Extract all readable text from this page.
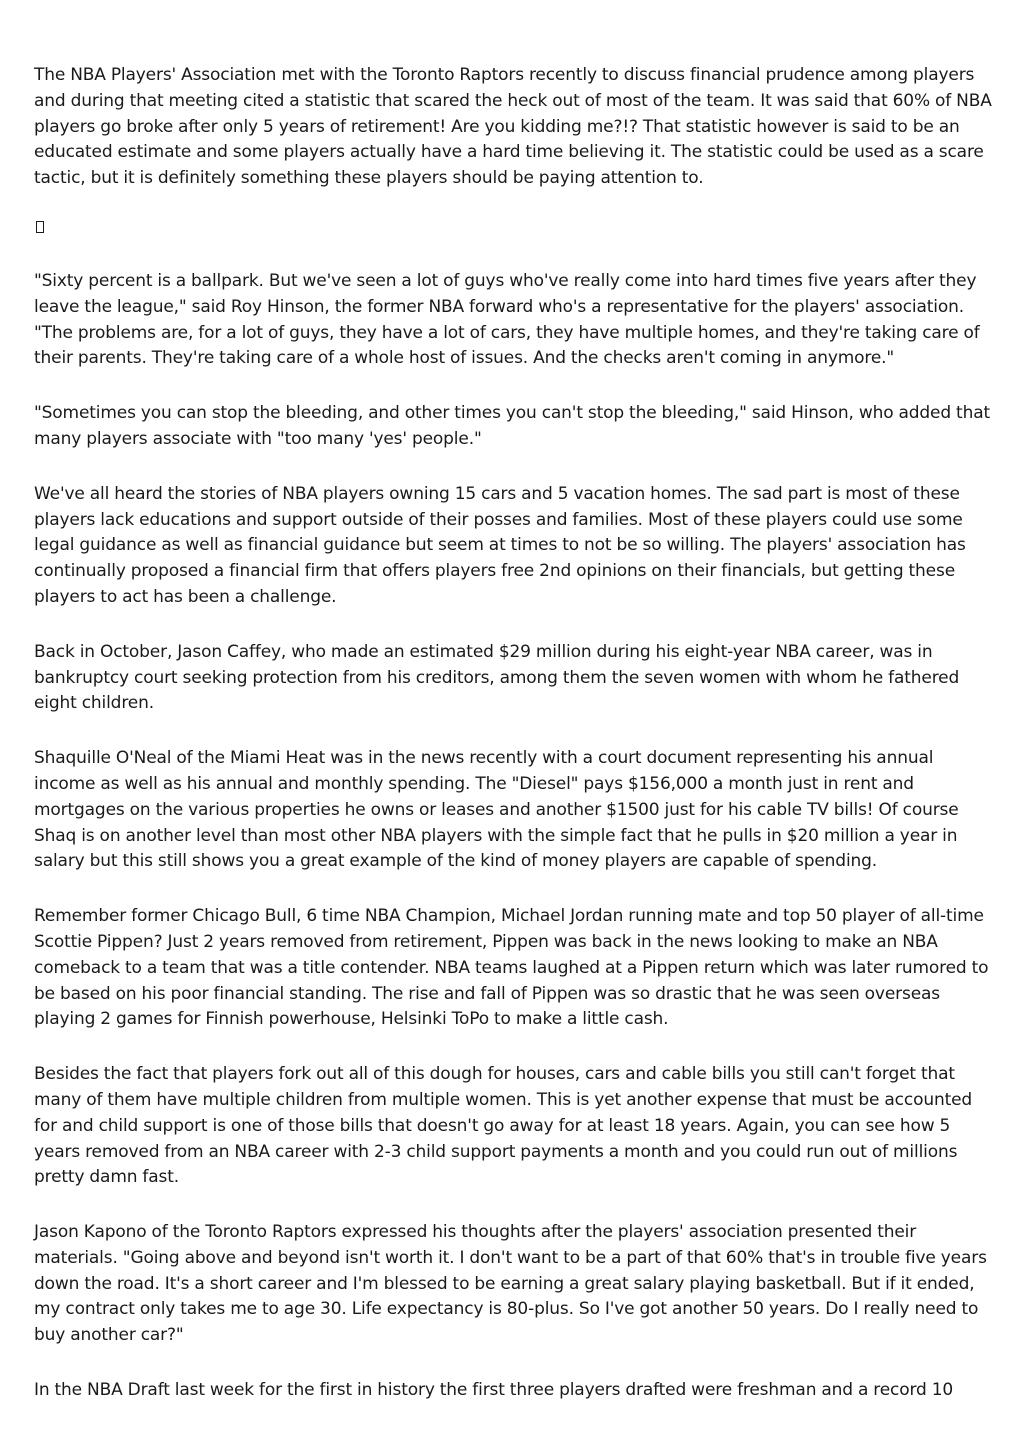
The NBA Players' Association met with the Toronto Raptors recently to discuss financial prudence among players and during that meeting cited a statistic that scared the heck out of most of the team. It was said that 60% of NBA players go broke after only 5 years of retirement! Are you kidding me?!? That statistic however is said to be an educated estimate and some players actually have a hard time believing it. The statistic could be used as a scare tactic, but it is definitely something these players should be paying attention to.

"Sixty percent is a ballpark. But we've seen a lot of guys who've really come into hard times five years after they leave the league," said Roy Hinson, the former NBA forward who's a representative for the players' association. "The problems are, for a lot of guys, they have a lot of cars, they have multiple homes, and they're taking care of their parents. They're taking care of a whole host of issues. And the checks aren't coming in anymore."

"Sometimes you can stop the bleeding, and other times you can't stop the bleeding," said Hinson, who added that many players associate with "too many 'yes' people."

We've all heard the stories of NBA players owning 15 cars and 5 vacation homes. The sad part is most of these players lack educations and support outside of their posses and families. Most of these players could use some legal guidance as well as financial guidance but seem at times to not be so willing. The players' association has continually proposed a financial firm that offers players free 2nd opinions on their financials, but getting these players to act has been a challenge.

Back in October, Jason Caffey, who made an estimated $29 million during his eight-year NBA career, was in bankruptcy court seeking protection from his creditors, among them the seven women with whom he fathered eight children.

Shaquille O'Neal of the Miami Heat was in the news recently with a court document representing his annual income as well as his annual and monthly spending. The "Diesel" pays $156,000 a month just in rent and mortgages on the various properties he owns or leases and another $1500 just for his cable TV bills! Of course Shaq is on another level than most other NBA players with the simple fact that he pulls in $20 million a year in salary but this still shows you a great example of the kind of money players are capable of spending.

Remember former Chicago Bull, 6 time NBA Champion, Michael Jordan running mate and top 50 player of all-time Scottie Pippen? Just 2 years removed from retirement, Pippen was back in the news looking to make an NBA comeback to a team that was a title contender. NBA teams laughed at a Pippen return which was later rumored to be based on his poor financial standing. The rise and fall of Pippen was so drastic that he was seen overseas playing 2 games for Finnish powerhouse, Helsinki ToPo to make a little cash.

Besides the fact that players fork out all of this dough for houses, cars and cable bills you still can't forget that many of them have multiple children from multiple women. This is yet another expense that must be accounted for and child support is one of those bills that doesn't go away for at least 18 years. Again, you can see how 5 years removed from an NBA career with 2-3 child support payments a month and you could run out of millions pretty damn fast.

Jason Kapono of the Toronto Raptors expressed his thoughts after the players' association presented their materials. "Going above and beyond isn't worth it. I don't want to be a part of that 60% that's in trouble five years down the road. It's a short career and I'm blessed to be earning a great salary playing basketball. But if it ended, my contract only takes me to age 30. Life expectancy is 80-plus. So I've got another 50 years. Do I really need to buy another car?"

In the NBA Draft last week for the first in history the first three players drafted were freshman and a record 10
